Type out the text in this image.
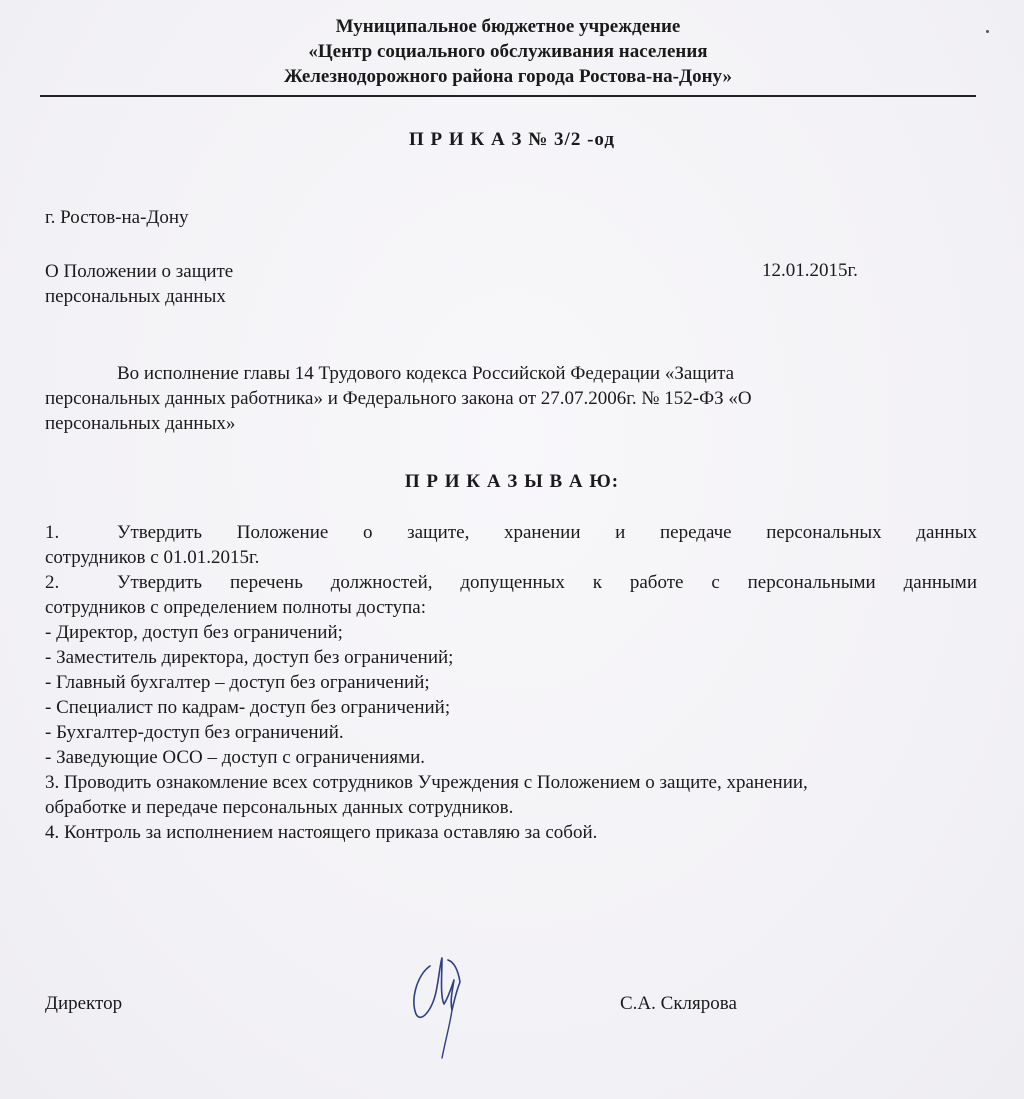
Муниципальное бюджетное учреждение
«Центр социального обслуживания населения
Железнодорожного района города Ростова-на-Дону»
П Р И К А З № 3/2 -од
г. Ростов-на-Дону
О Положении о защите
персональных данных
12.01.2015г.
Во исполнение главы 14 Трудового кодекса Российской Федерации «Защита
персональных данных работника» и Федерального закона от 27.07.2006г. № 152-ФЗ «О
персональных данных»
П Р И К А З Ы В А Ю:
1.	Утвердить Положение о защите, хранении и передаче персональных данных
сотрудников с 01.01.2015г.
2.	Утвердить перечень должностей, допущенных к работе с персональными данными
сотрудников с определением полноты доступа:
- Директор, доступ без ограничений;
- Заместитель директора, доступ без ограничений;
- Главный бухгалтер – доступ без ограничений;
- Специалист по кадрам- доступ без ограничений;
- Бухгалтер-доступ без ограничений.
- Заведующие ОСО – доступ с ограничениями.
3. Проводить ознакомление всех сотрудников Учреждения с Положением о защите, хранении,
обработке и передаче персональных данных сотрудников.
4. Контроль за исполнением настоящего приказа оставляю за собой.
Директор	С.А. Склярова
